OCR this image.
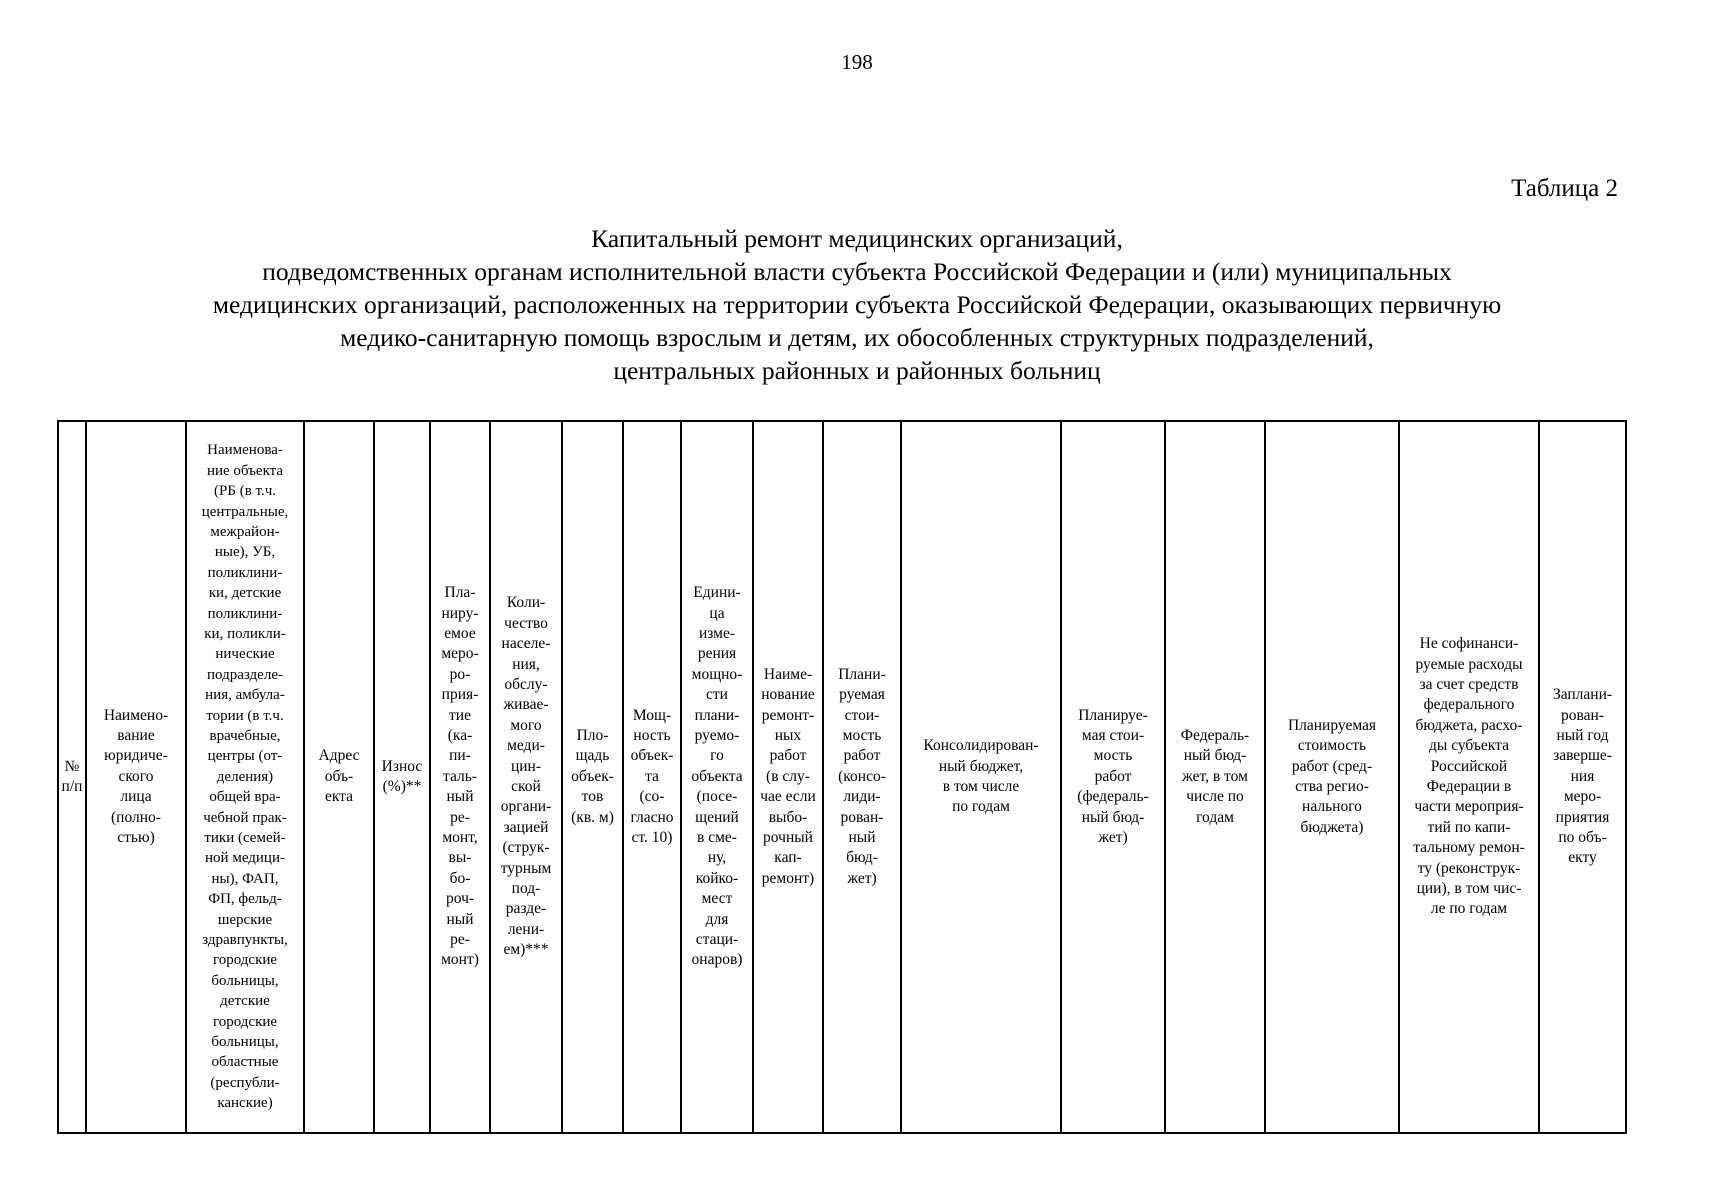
198
Таблица 2
Капитальный ремонт медицинских организаций,
подведомственных органам исполнительной власти субъекта Российской Федерации и (или) муниципальных
медицинских организаций, расположенных на территории субъекта Российской Федерации, оказывающих первичную
медико-санитарную помощь взрослым и детям, их обособленных структурных подразделений,
центральных районных и районных больниц
№
п/п	Наимено-
вание
юридиче-
ского
лица
(полно-
стью)	Наименова-
ние объекта
(РБ (в т.ч.
центральные,
межрайон-
ные), УБ,
поликлини-
ки, детские
поликлини-
ки, поликли-
нические
подразделе-
ния, амбула-
тории (в т.ч.
врачебные,
центры (от-
деления)
общей вра-
чебной прак-
тики (семей-
ной медици-
ны), ФАП,
ФП, фельд-
шерские
здравпункты,
городские
больницы,
детские
городские
больницы,
областные
(республи-
канские)	Адрес
объ-
екта	Износ
(%)**	Пла-
ниру-
емое
меро-
ро-
прия-
тие
(ка-
пи-
таль-
ный
ре-
монт,
вы-
бо-
роч-
ный
ре-
монт)	Коли-
чество
населе-
ния,
обслу-
живае-
мого
меди-
цин-
ской
органи-
зацией
(струк-
турным
под-
разде-
лени-
ем)***	Пло-
щадь
объек-
тов
(кв. м)	Мощ-
ность
объек-
та
(со-
гласно
ст. 10)	Едини-
ца
изме-
рения
мощно-
сти
плани-
руемо-
го
объекта
(посе-
щений
в сме-
ну,
койко-
мест
для
стаци-
онаров)	Наиме-
нование
ремонт-
ных
работ
(в слу-
чае если
выбо-
рочный
кап-
ремонт)	Плани-
руемая
стои-
мость
работ
(консо-
лиди-
рован-
ный
бюд-
жет)	Консолидирован-
ный бюджет,
в том числе
по годам	Планируе-
мая стои-
мость
работ
(федераль-
ный бюд-
жет)	Федераль-
ный бюд-
жет, в том
числе по
годам	Планируемая
стоимость
работ (сред-
ства регио-
нального
бюджета)	Не софинанси-
руемые расходы
за счет средств
федерального
бюджета, расхо-
ды субъекта
Российской
Федерации в
части мероприя-
тий по капи-
тальному ремон-
ту (реконструк-
ции), в том чис-
ле по годам	Заплани-
рован-
ный год
заверше-
ния
меро-
приятия
по объ-
екту
